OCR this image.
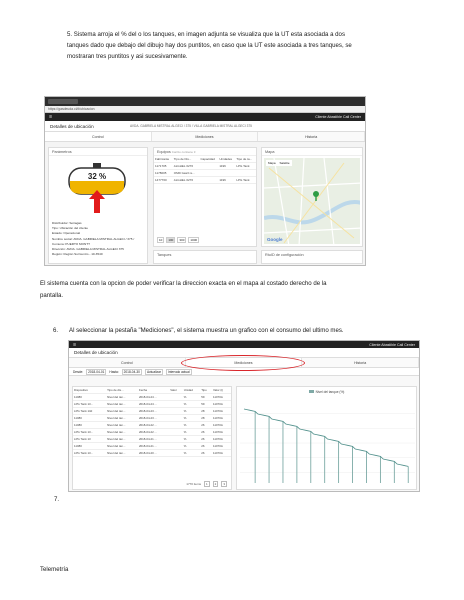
5. Sistema arroja el % del o los tanques, en imagen adjunta se visualiza que la UT esta asociada a dos
tanques dado que debajo del dibujo hay dos puntitos, en caso que la UT este asociada a tres tanques, se
mostraran tres puntitos y asi sucesivamente.
https://gasdeuda.cl/#/ubicacion
☰	Cliente Abastible Call Center
Detalles de ubicación	AVDA. GABRIELA MISTRAL ALGECI / 375 / VILLA GABRIELA MISTRAL ALGECI 375
Control	Mediciones	Historia
Parámetros
32 %
Distribuidor: Soriagas
Tipo: Ubicación del cliente
Estado: Operacional
Nombre social: AVDA. GABRIELA MISTRAL ALGECI / 375 /
Comuna: PUERTO MONTT
Dirección: AVDA. GABRIELA MISTRAL ALGECI 375
Región: Región Sur/centro - 10-3540
Equipos Carrito contiene 3
Fabricante	Tipo de Dis...	Capacidad	Unidades	Tipo de ta...
1171705	ALGHEL 0276		1196	LPG Tank
1178005	OMD Gas3 re...			
1477760	ALGHEL 0276		1196	LPG Tank
10	100	300	1000
Tanques
Mapa
Mapa	Satélite
Google
RtuID de configuración
El sistema cuenta con la opcion de poder verificar la direccion exacta en el mapa al costado derecho de la
pantalla.
6. Al seleccionar la pestaña "Mediciones", el sistema muestra un grafico con el consumo del ultimo mes.
☰	Cliente Abastible Call Center
Detalles de ubicación
Control	Mediciones	Historia
Desde:	2018-04-01	Hasta:	2018-04-30	Actualizar	Intervalo actual
Dispositivo	Tipo de dis...	Fecha	Valor	Unidad	Tipo	Valor (t)
11080	Nivel del tan...	2018-04-24 ...		%	59	11070A
LPG Tank 13...	Nivel del tan...	2018-04-24 ...		%	59	11070A
LPG Tank 13d	Nivel del tan...	2018-04-23 ...		%	28	11070A
11080	Nivel del tan...	2018-04-23 ...		%	28	11070A
11080	Nivel del tan...	2018-04-22 ...		%	26	11070A
LPG Tank 13...	Nivel del tan...	2018-04-22 ...		%	26	11070A
LPG Tank 13	Nivel del tan...	2018-04-21 ...		%	26	11070A
11080	Nivel del tan...	2018-04-21 ...		%	26	11070A
LPG Tank 13...	Nivel del tan...	2018-04-20 ...		%	26	11070A
1770 items	1	2	3
Nivel del tanque (%)
7.
Telemetría
